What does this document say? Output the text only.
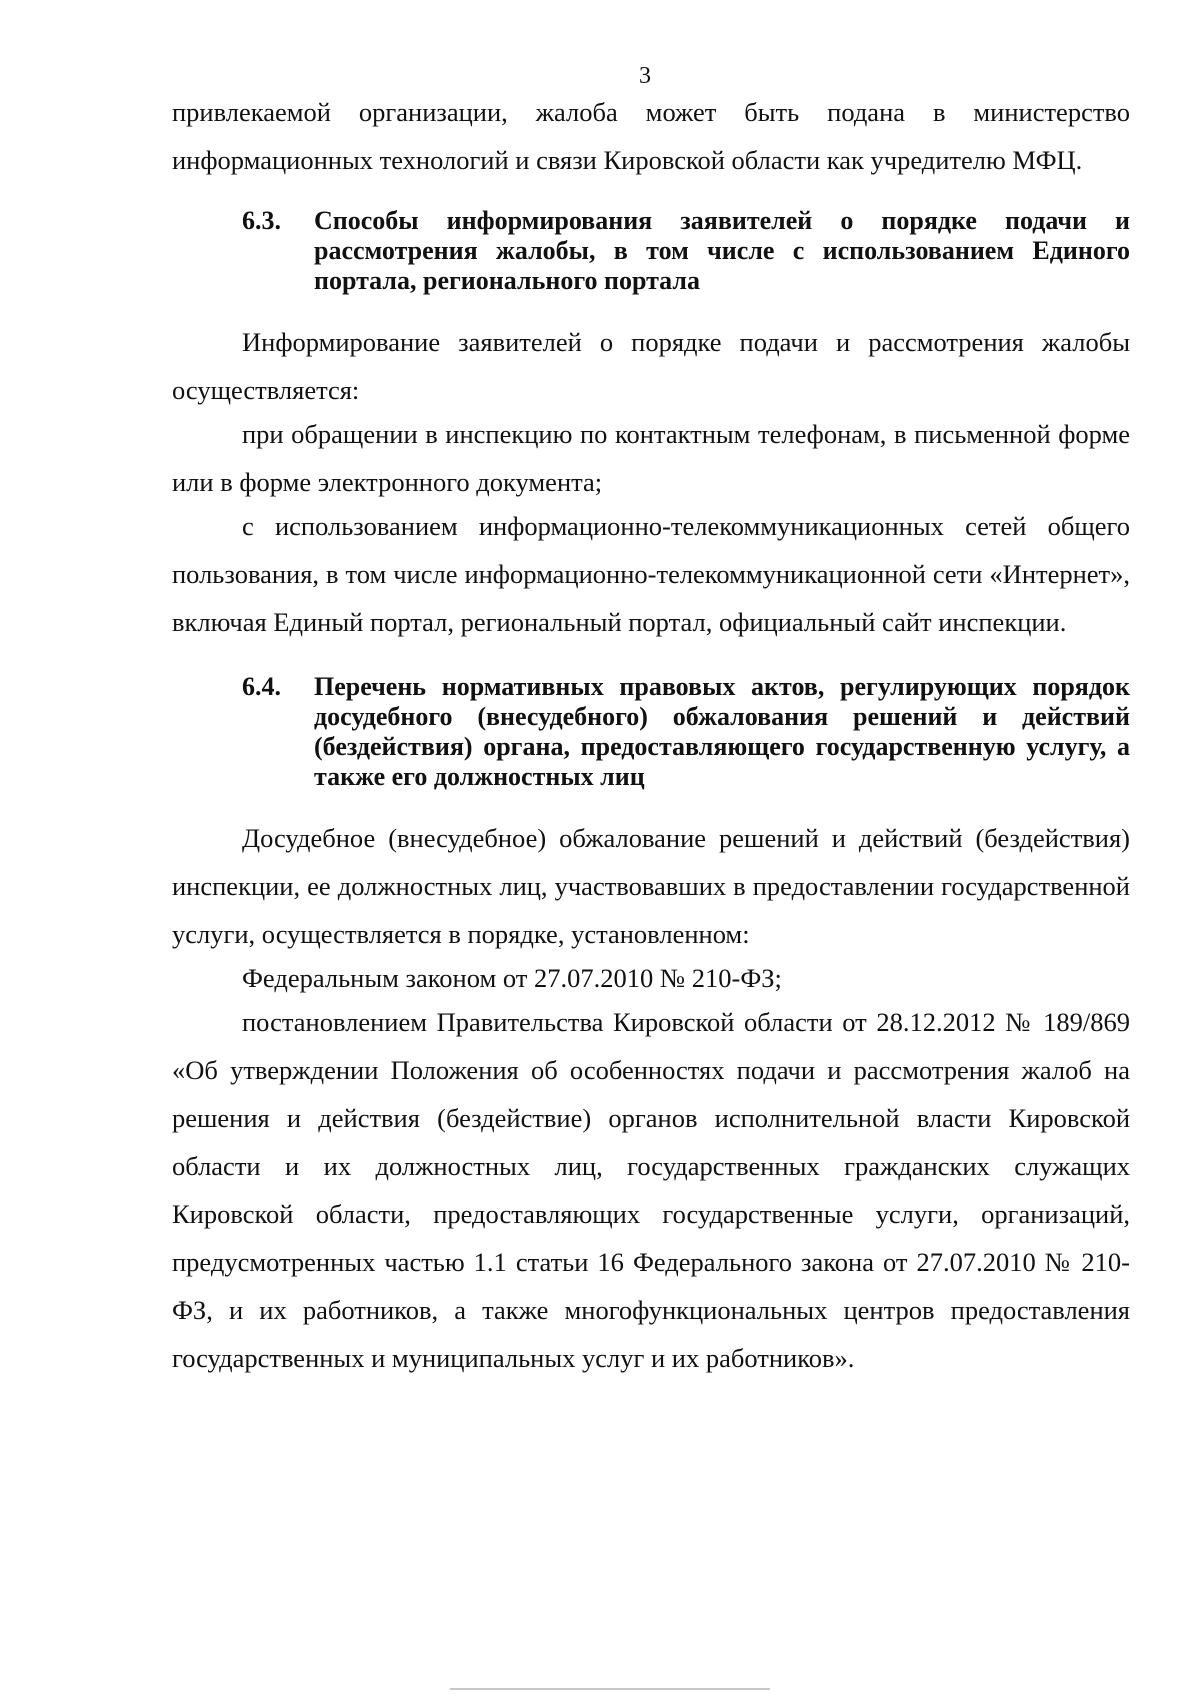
3

привлекаемой организации, жалоба может быть подана в министерство информационных технологий и связи Кировской области как учредителю МФЦ.

6.3.	Способы информирования заявителей о порядке подачи и рассмотрения жалобы, в том числе с использованием Единого портала, регионального портала

Информирование заявителей о порядке подачи и рассмотрения жалобы осуществляется:

при обращении в инспекцию по контактным телефонам, в письменной форме или в форме электронного документа;

с использованием информационно-телекоммуникационных сетей общего пользования, в том числе информационно-телекоммуникационной сети «Интернет», включая Единый портал, региональный портал, официальный сайт инспекции.

6.4.	Перечень нормативных правовых актов, регулирующих порядок досудебного (внесудебного) обжалования решений и действий (бездействия) органа, предоставляющего государственную услугу, а также его должностных лиц

Досудебное (внесудебное) обжалование решений и действий (бездействия) инспекции, ее должностных лиц, участвовавших в предоставлении государственной услуги, осуществляется в порядке, установленном:

Федеральным законом от 27.07.2010 № 210-ФЗ;

постановлением Правительства Кировской области от 28.12.2012 № 189/869 «Об утверждении Положения об особенностях подачи и рассмотрения жалоб на решения и действия (бездействие) органов исполнительной власти Кировской области и их должностных лиц, государственных гражданских служащих Кировской области, предоставляющих государственные услуги, организаций, предусмотренных частью 1.1 статьи 16 Федерального закона от 27.07.2010 № 210-ФЗ, и их работников, а также многофункциональных центров предоставления государственных и муниципальных услуг и их работников».
